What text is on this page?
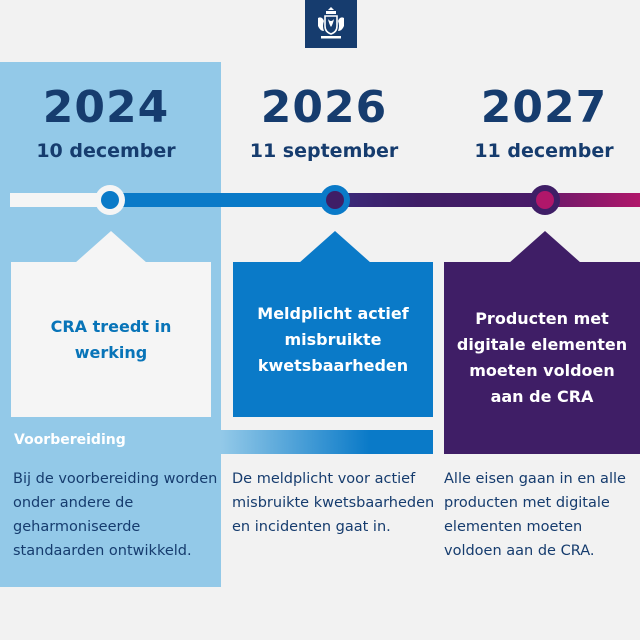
2024
10 december
2026
11 september
2027
11 december
CRA treedt in werking
Meldplicht actief misbruikte kwetsbaarheden
Producten met digitale elementen moeten voldoen aan de CRA
Voorbereiding
Bij de voorbereiding worden onder andere de geharmoniseerde standaarden ontwikkeld.
De meldplicht voor actief misbruikte kwetsbaarheden en incidenten gaat in.
Alle eisen gaan in en alle producten met digitale elementen moeten voldoen aan de CRA.
